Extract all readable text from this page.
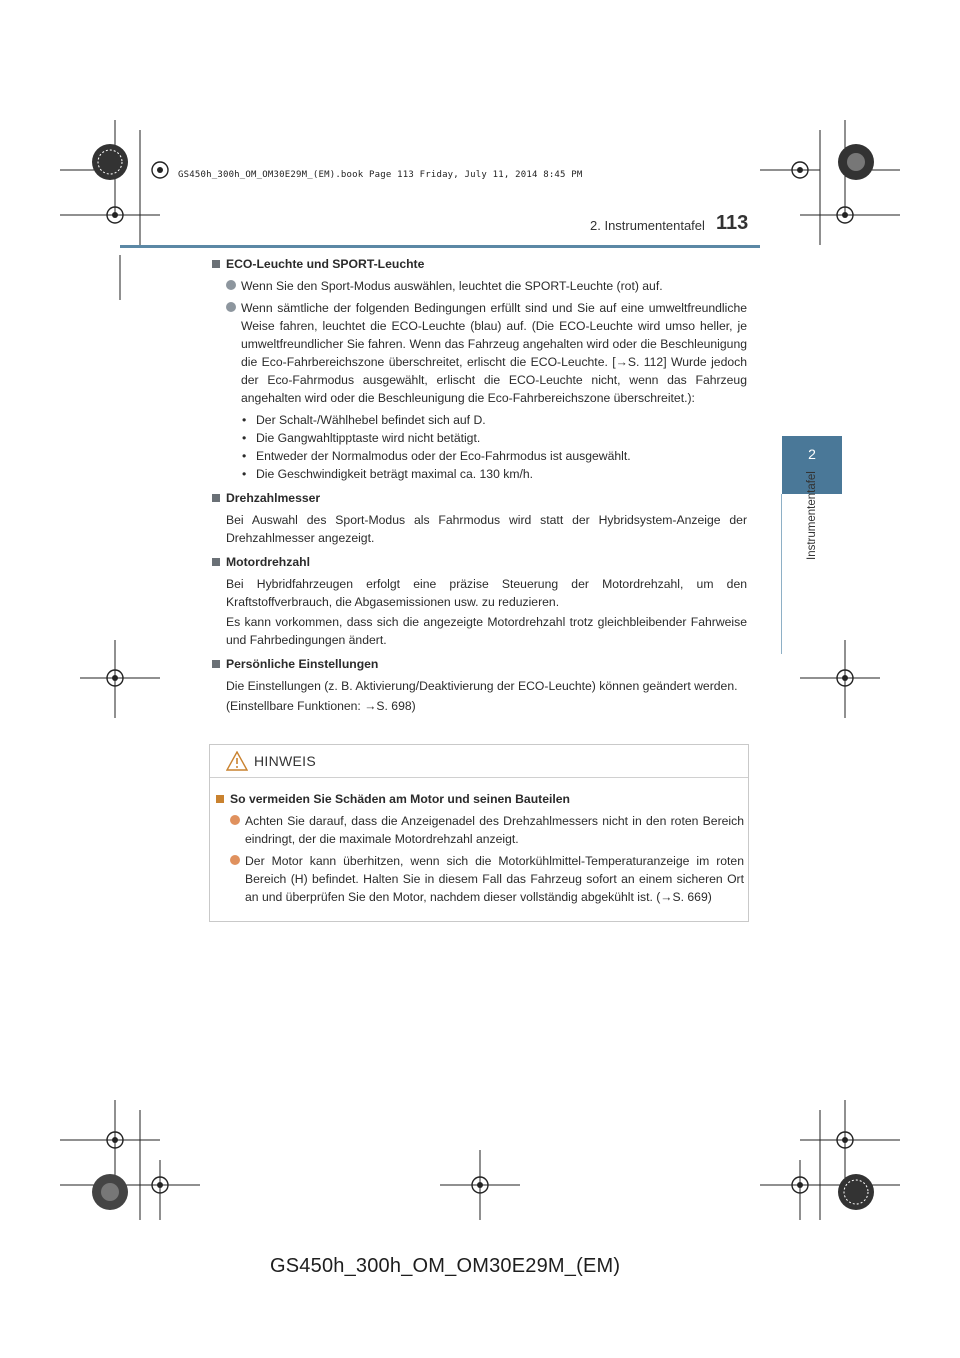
GS450h_300h_OM_OM30E29M_(EM).book Page 113 Friday, July 11, 2014 8:45 PM
2. Instrumententafel 113
2
Instrumententafel
ECO-Leuchte und SPORT-Leuchte
Wenn Sie den Sport-Modus auswählen, leuchtet die SPORT-Leuchte (rot) auf.
Wenn sämtliche der folgenden Bedingungen erfüllt sind und Sie auf eine umweltfreundliche Weise fahren, leuchtet die ECO-Leuchte (blau) auf. (Die ECO-Leuchte wird umso heller, je umweltfreundlicher Sie fahren. Wenn das Fahrzeug angehalten wird oder die Beschleunigung die Eco-Fahrbereichszone überschreitet, erlischt die ECO-Leuchte. [→S. 112] Wurde jedoch der Eco-Fahrmodus ausgewählt, erlischt die ECO-Leuchte nicht, wenn das Fahrzeug angehalten wird oder die Beschleunigung die Eco-Fahrbereichszone überschreitet.):
• Der Schalt-/Wählhebel befindet sich auf D.
• Die Gangwahltipptaste wird nicht betätigt.
• Entweder der Normalmodus oder der Eco-Fahrmodus ist ausgewählt.
• Die Geschwindigkeit beträgt maximal ca. 130 km/h.
Drehzahlmesser

Bei Auswahl des Sport-Modus als Fahrmodus wird statt der Hybridsystem-Anzeige der Drehzahlmesser angezeigt.

Motordrehzahl

Bei Hybridfahrzeugen erfolgt eine präzise Steuerung der Motordrehzahl, um den Kraftstoffverbrauch, die Abgasemissionen usw. zu reduzieren.

Es kann vorkommen, dass sich die angezeigte Motordrehzahl trotz gleichbleibender Fahrweise und Fahrbedingungen ändert.

Persönliche Einstellungen

Die Einstellungen (z. B. Aktivierung/Deaktivierung der ECO-Leuchte) können geändert werden.

(Einstellbare Funktionen: →S. 698)

HINWEIS
So vermeiden Sie Schäden am Motor und seinen Bauteilen
Achten Sie darauf, dass die Anzeigenadel des Drehzahlmessers nicht in den roten Bereich eindringt, der die maximale Motordrehzahl anzeigt.
Der Motor kann überhitzen, wenn sich die Motorkühlmittel-Temperaturanzeige im roten Bereich (H) befindet. Halten Sie in diesem Fall das Fahrzeug sofort an einem sicheren Ort an und überprüfen Sie den Motor, nachdem dieser vollständig abgekühlt ist. (→S. 669)
GS450h_300h_OM_OM30E29M_(EM)
